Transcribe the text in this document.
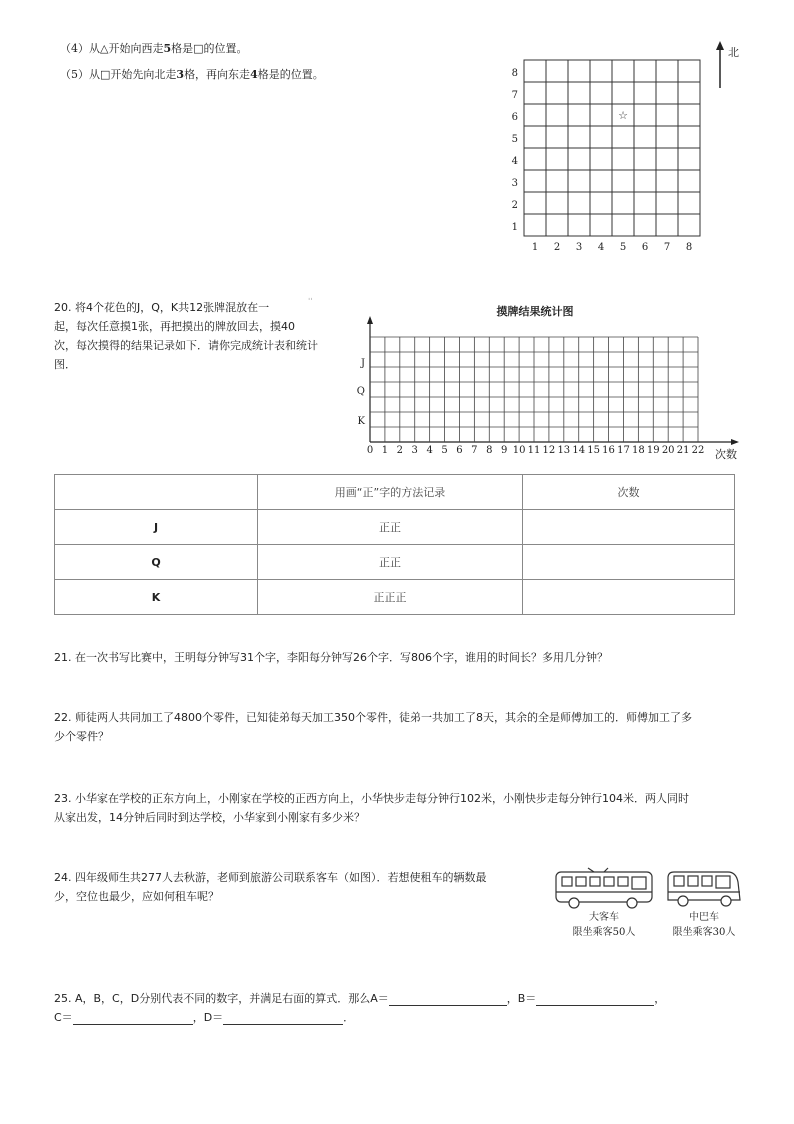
（4）从△开始向西走5格是□的位置。
（5）从□开始先向北走3格，再向东走4格是的位置。	8
7
6
5
4
3
2
1
1 2 3 4 5 6 7 8
☆
北
20. 将4个花色的J，Q，K共12张牌混放在一
起，每次任意摸1张，再把摸出的牌放回去，摸40
次，每次摸得的结果记录如下．请你完成统计表和统计
图．
ˈˈ
摸牌结果统计图
J
Q
K
0 1 2 3 4 5 6 7 8 9 10 11 12 13 14 15 16 17 18 19 20 21 22 次数
	用画“正”字的方法记录	次数
J	正正	
Q	正正	
K	正正正	
21. 在一次书写比赛中，王明每分钟写31个字，李阳每分钟写26个字．写806个字，谁用的时间长？多用几分钟？
22. 师徒两人共同加工了4800个零件，已知徒弟每天加工350个零件，徒弟一共加工了8天，其余的全是师傅加工的．师傅加工了多
少个零件？
23. 小华家在学校的正东方向上，小刚家在学校的正西方向上，小华快步走每分钟行102米，小刚快步走每分钟行104米．两人同时
从家出发，14分钟后同时到达学校，小华家到小刚家有多少米？
24. 四年级师生共277人去秋游，老师到旅游公司联系客车（如图）．若想使租车的辆数最
少，空位也最少，应如何租车呢？
大客车
限坐乘客50人
中巴车
限坐乘客30人
25. A，B，C，D分别代表不同的数字，并满足右面的算式．那么A＝	，B＝	，
C＝	，D＝	．
